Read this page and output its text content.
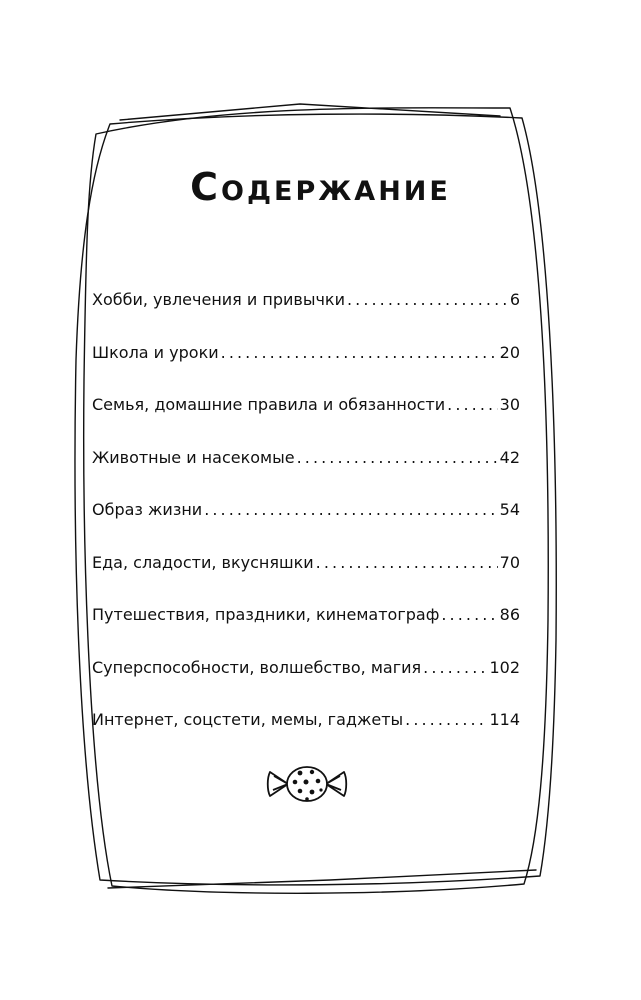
Содержание
Хобби, увлечения и привычки . . .	6
Школа и уроки . . .	20
Семья, домашние правила и обязанности . . .	30
Животные и насекомые . . .	42
Образ жизни . . .	54
Еда, сладости, вкусняшки . . .	70
Путешествия, праздники, кинематограф . . .	86
Суперспособности, волшебство, магия . . .	102
Интернет, соцстети, мемы, гаджеты . . .	114
